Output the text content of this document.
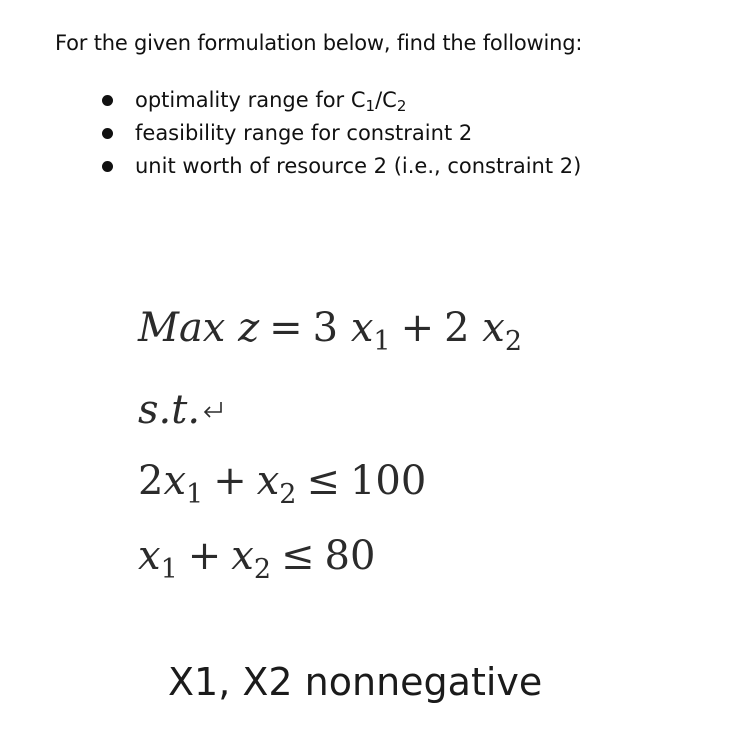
For the given formulation below, find the following:
optimality range for $C_1/C_2$
feasibility range for constraint 2
unit worth of resource 2 (i.e., constraint 2)
Max z = 3 $x_1 + 2$ $x_2$
s.t.
$2x_1 + x_2 \le 100$
$x_1 + x_2 \le 80$
X1, X2 nonnegative
